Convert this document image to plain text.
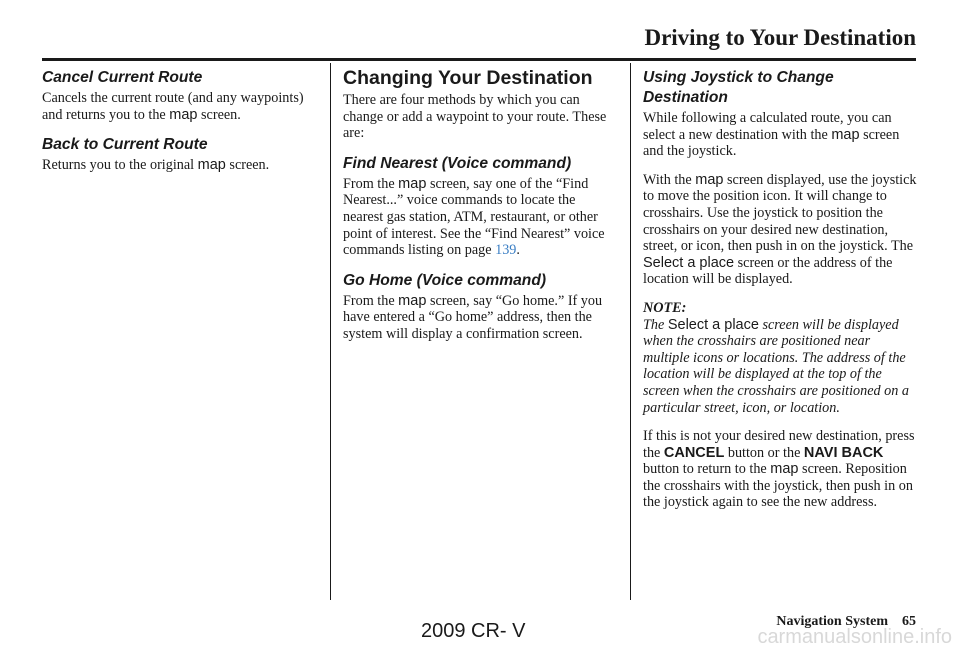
Driving to Your Destination
Cancel Current Route

Cancels the current route (and any waypoints) and returns you to the map screen.

Back to Current Route

Returns you to the original map screen.

Changing Your Destination

There are four methods by which you can change or add a waypoint to your route. These are:

Find Nearest (Voice command)

From the map screen, say one of the “Find Nearest...” voice commands to locate the nearest gas station, ATM, restaurant, or other point of interest. See the “Find Nearest” voice commands listing on page 139.

Go Home (Voice command)

From the map screen, say “Go home.” If you have entered a “Go home” address, then the system will display a confirmation screen.

Using Joystick to Change Destination

While following a calculated route, you can select a new destination with the map screen and the joystick.

With the map screen displayed, use the joystick to move the position icon. It will change to crosshairs. Use the joystick to position the crosshairs on your desired new destination, street, or icon, then push in on the joystick. The Select a place screen or the address of the location will be displayed.

NOTE:

The Select a place screen will be displayed when the crosshairs are positioned near multiple icons or locations. The address of the location will be displayed at the top of the screen when the crosshairs are positioned on a particular street, icon, or location.

If this is not your desired new destination, press the CANCEL button or the NAVI BACK button to return to the map screen. Reposition the crosshairs with the joystick, then push in on the joystick again to see the new address.

Navigation System 65
2009 CR- V	carmanualsonline.info
